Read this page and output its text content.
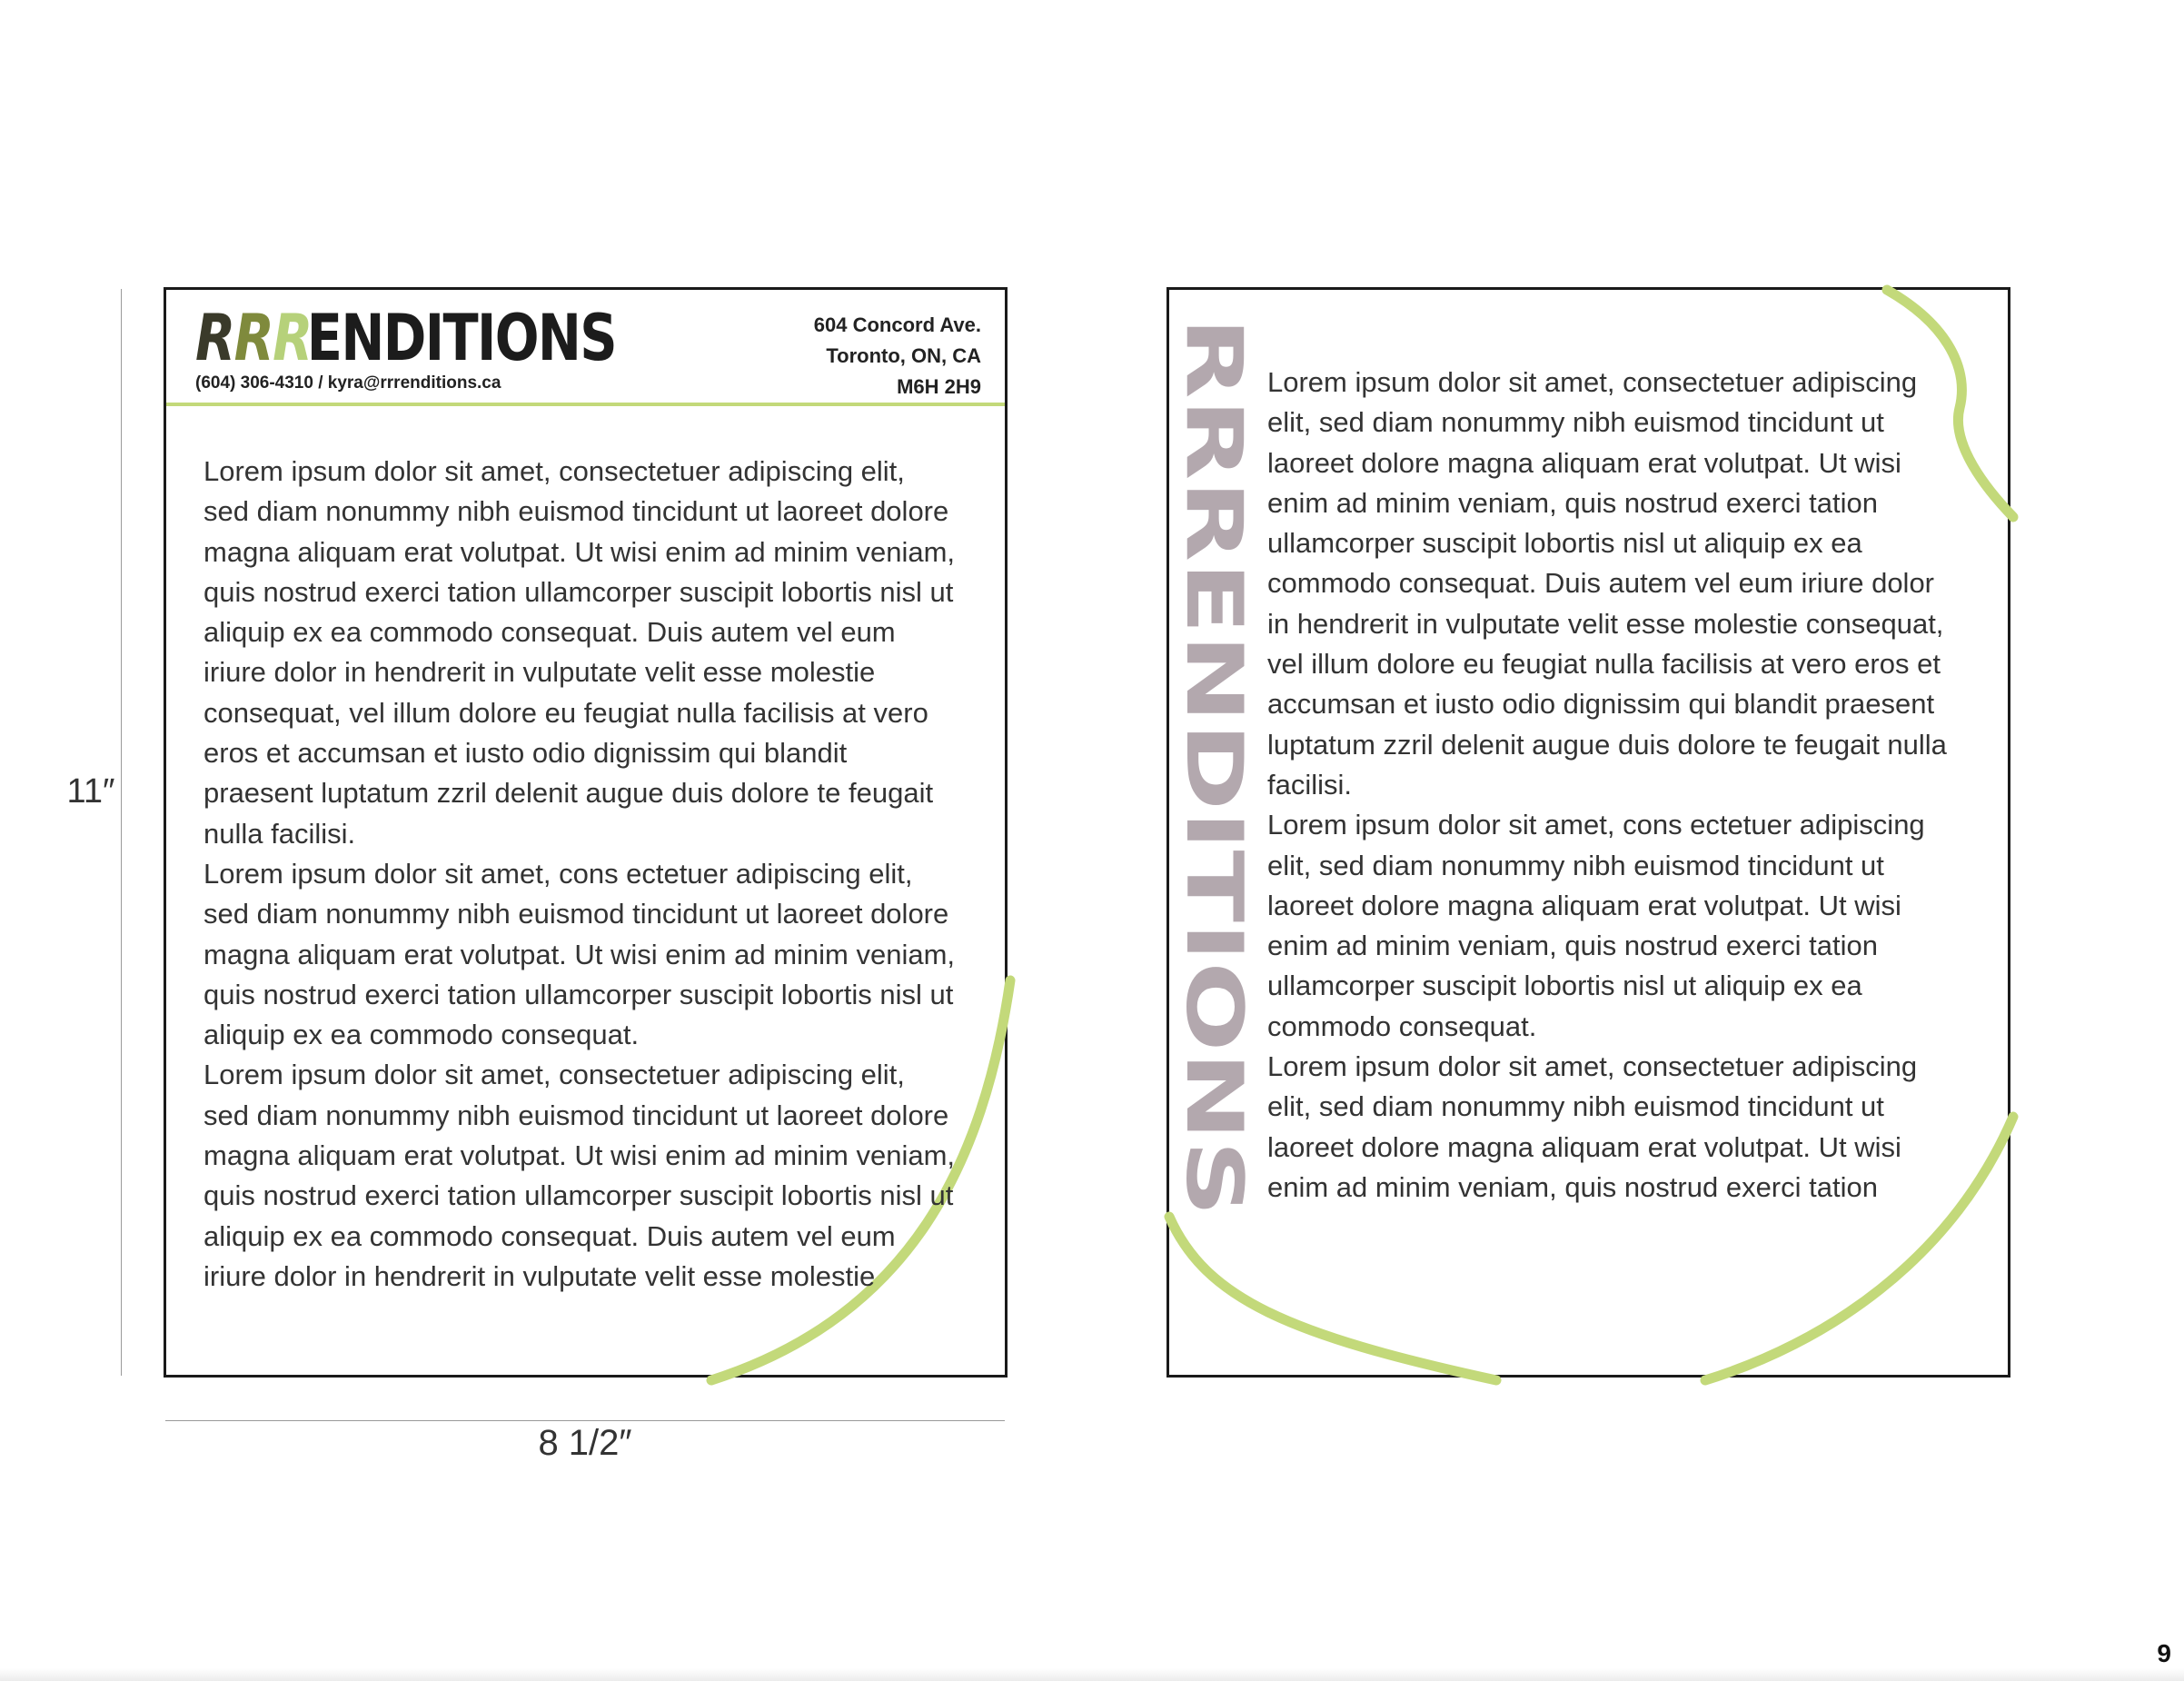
11″
8 1/2″
RRRENDITIONS
(604) 306-4310 / kyra@rrrenditions.ca
604 Concord Ave.
Toronto, ON, CA
M6H 2H9

Lorem ipsum dolor sit amet, consectetuer adipiscing elit, sed diam nonummy nibh euismod tincidunt ut laoreet dolore magna aliquam erat volutpat. Ut wisi enim ad minim veniam, quis nostrud exerci tation ullamcorper suscipit lobortis nisl ut aliquip ex ea commodo consequat. Duis autem vel eum iriure dolor in hendrerit in vulputate velit esse molestie consequat, vel illum dolore eu feugiat nulla facilisis at vero eros et accumsan et iusto odio dignissim qui blandit praesent luptatum zzril delenit augue duis dolore te feugait nulla facilisi.

Lorem ipsum dolor sit amet, cons ectetuer adipiscing elit, sed diam nonummy nibh euismod tincidunt ut laoreet dolore magna aliquam erat volutpat. Ut wisi enim ad minim veniam, quis nostrud exerci tation ullamcorper suscipit lobortis nisl ut aliquip ex ea commodo consequat.

Lorem ipsum dolor sit amet, consectetuer adipiscing elit, sed diam nonummy nibh euismod tincidunt ut laoreet dolore magna aliquam erat volutpat. Ut wisi enim ad minim veniam, quis nostrud exerci tation ullamcorper suscipit lobortis nisl ut aliquip ex ea commodo consequat. Duis autem vel eum iriure dolor in hendrerit in vulputate velit esse molestie

RRRENDITIONS Lorem ipsum dolor sit amet, consectetuer adipiscing elit, sed diam nonummy nibh euismod tincidunt ut laoreet dolore magna aliquam erat volutpat. Ut wisi enim ad minim veniam, quis nostrud exerci tation ullamcorper suscipit lobortis nisl ut aliquip ex ea commodo consequat. Duis autem vel eum iriure dolor in hendrerit in vulputate velit esse molestie consequat, vel illum dolore eu feugiat nulla facilisis at vero eros et accumsan et iusto odio dignissim qui blandit praesent luptatum zzril delenit augue duis dolore te feugait nulla facilisi.

Lorem ipsum dolor sit amet, cons ectetuer adipiscing elit, sed diam nonummy nibh euismod tincidunt ut laoreet dolore magna aliquam erat volutpat. Ut wisi enim ad minim veniam, quis nostrud exerci tation ullamcorper suscipit lobortis nisl ut aliquip ex ea commodo consequat.

Lorem ipsum dolor sit amet, consectetuer adipiscing elit, sed diam nonummy nibh euismod tincidunt ut laoreet dolore magna aliquam erat volutpat. Ut wisi enim ad minim veniam, quis nostrud exerci tation

9
